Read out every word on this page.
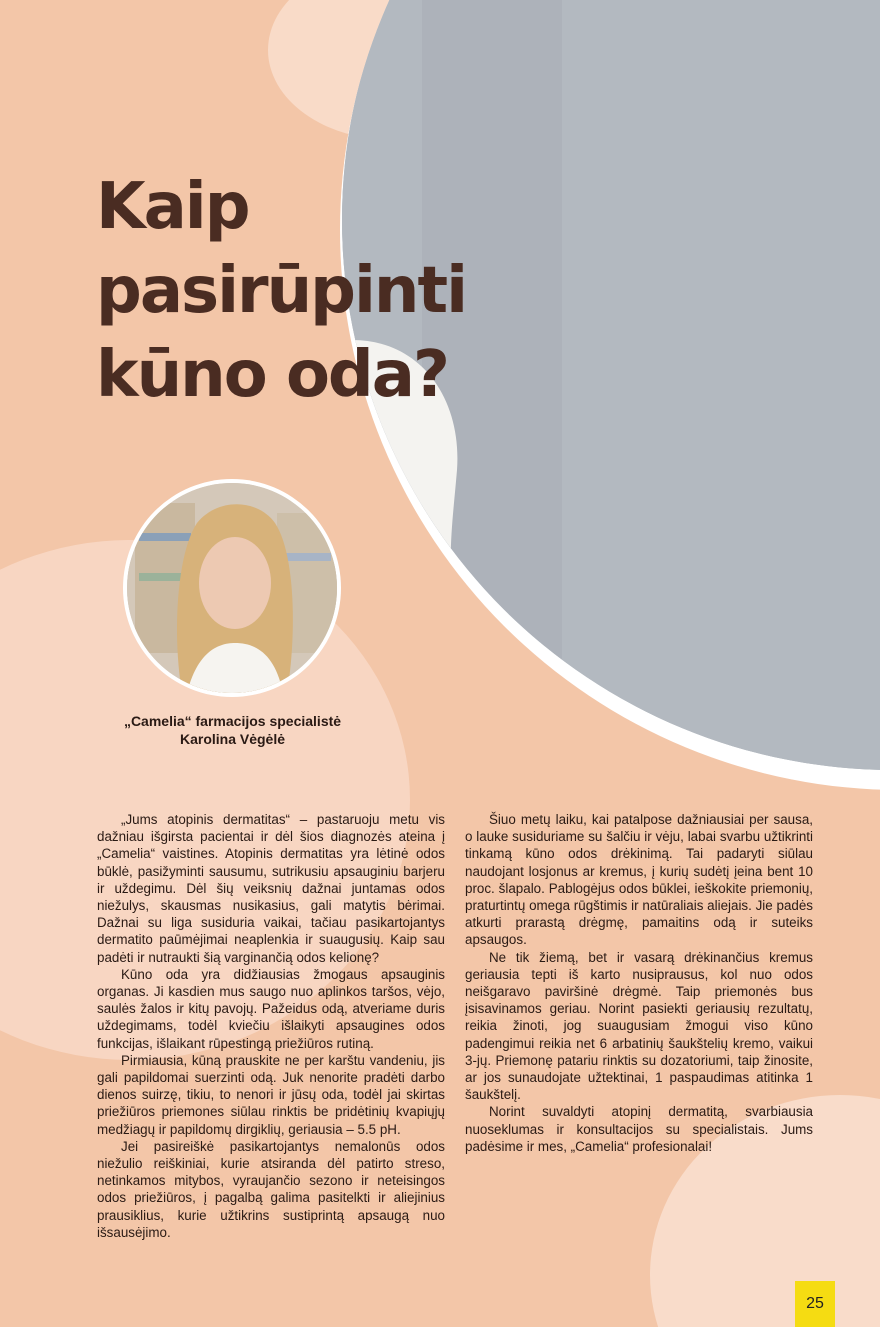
Kaip
pasirūpinti
kūno oda?
„Camelia“ farmacijos specialistė
Karolina Vėgėlė

„Jums atopinis dermatitas“ – pastaruoju metu vis dažniau išgirsta pacientai ir dėl šios diagnozės ateina į „Camelia“ vaistines. Atopinis dermatitas yra lėtinė odos būklė, pasižyminti sausumu, sutrikusiu apsauginiu barjeru ir uždegimu. Dėl šių veiksnių dažnai juntamas odos niežulys, skausmas nusikasius, gali matytis bėrimai. Dažnai su liga susiduria vaikai, tačiau pasikartojantys dermatito paūmėjimai neaplenkia ir suaugusių. Kaip sau padėti ir nutraukti šią varginančią odos kelionę?

Kūno oda yra didžiausias žmogaus apsauginis organas. Ji kasdien mus saugo nuo aplinkos taršos, vėjo, saulės žalos ir kitų pavojų. Pažeidus odą, atveriame duris uždegimams, todėl kviečiu išlaikyti apsaugines odos funkcijas, išlaikant rūpestingą priežiūros rutiną.

Pirmiausia, kūną prauskite ne per karštu vandeniu, jis gali papildomai suerzinti odą. Juk nenorite pradėti darbo dienos suirzę, tikiu, to nenori ir jūsų oda, todėl jai skirtas priežiūros priemones siūlau rinktis be pridėtinių kvapiųjų medžiagų ir papildomų dirgiklių, geriausia – 5.5 pH.

Jei pasireiškė pasikartojantys nemalonūs odos niežulio reiškiniai, kurie atsiranda dėl patirto streso, netinkamos mitybos, vyraujančio sezono ir neteisingos odos priežiūros, į pagalbą galima pasitelkti ir aliejinius prausiklius, kurie užtikrins sustiprintą apsaugą nuo išsausėjimo.

Šiuo metų laiku, kai patalpose dažniausiai per sausa, o lauke susiduriame su šalčiu ir vėju, labai svarbu užtikrinti tinkamą kūno odos drėkinimą. Tai padaryti siūlau naudojant losjonus ar kremus, į kurių sudėtį įeina bent 10 proc. šlapalo. Pablogėjus odos būklei, ieškokite priemonių, praturtintų omega rūgštimis ir natūraliais aliejais. Jie padės atkurti prarastą drėgmę, pamaitins odą ir suteiks apsaugos.

Ne tik žiemą, bet ir vasarą drėkinančius kremus geriausia tepti iš karto nusiprausus, kol nuo odos neišgaravo paviršinė drėgmė. Taip priemonės bus įsisavinamos geriau. Norint pasiekti geriausių rezultatų, reikia žinoti, jog suaugusiam žmogui viso kūno padengimui reikia net 6 arbatinių šaukštelių kremo, vaikui 3-jų. Priemonę patariu rinktis su dozatoriumi, taip žinosite, ar jos sunaudojate užtektinai, 1 paspaudimas atitinka 1 šaukštelį.

Norint suvaldyti atopinį dermatitą, svarbiausia nuoseklumas ir konsultacijos su specialistais. Jums padėsime ir mes, „Camelia“ profesionalai!

25
